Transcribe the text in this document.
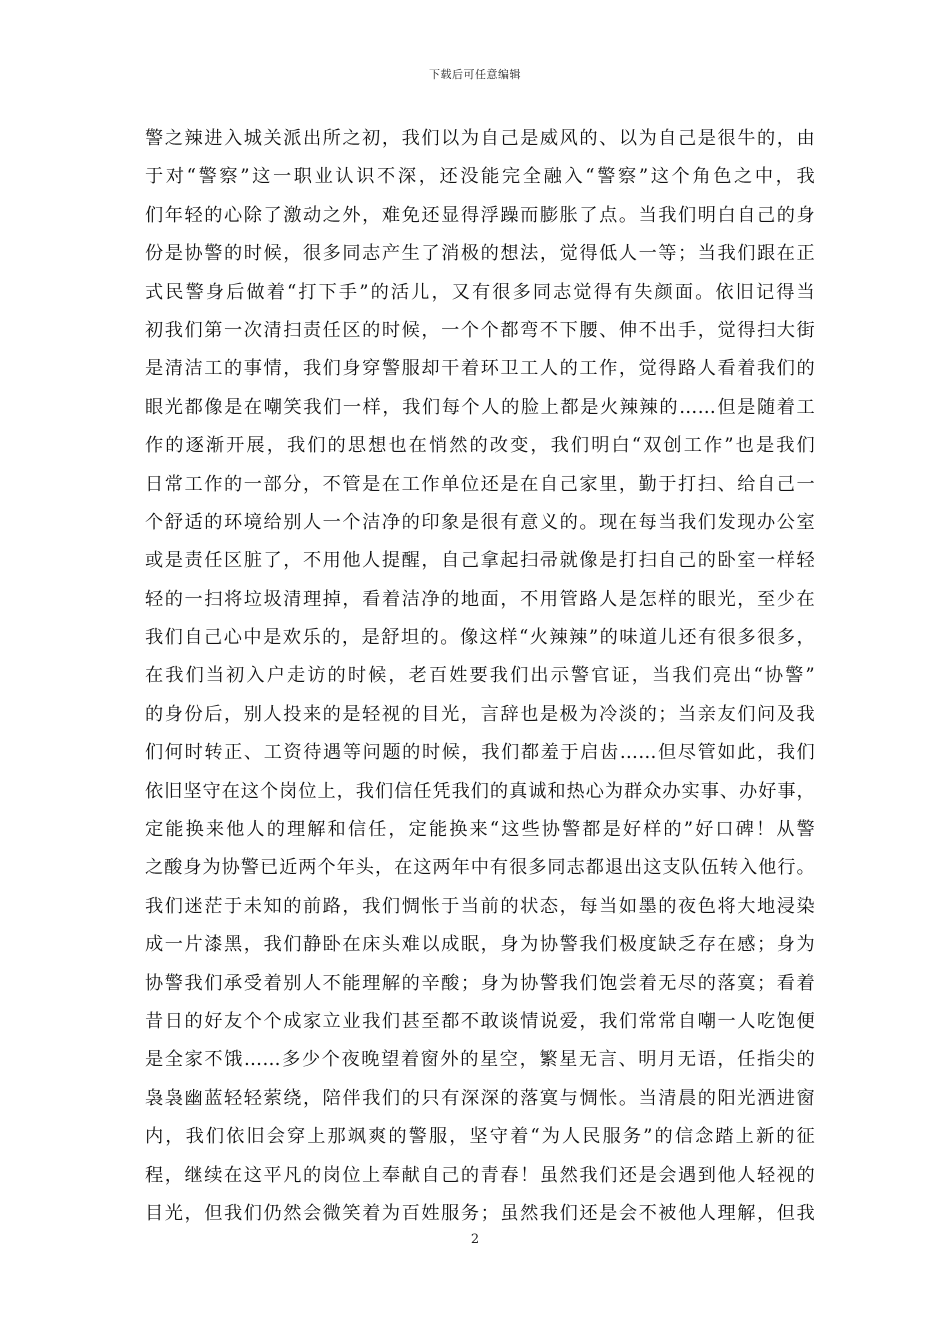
下载后可任意编辑
警之辣进入城关派出所之初，我们以为自己是威风的、以为自己是很牛的，由
于对“警察”这一职业认识不深，还没能完全融入“警察”这个角色之中，我
们年轻的心除了激动之外，难免还显得浮躁而膨胀了点。当我们明白自己的身
份是协警的时候，很多同志产生了消极的想法，觉得低人一等；当我们跟在正
式民警身后做着“打下手”的活儿，又有很多同志觉得有失颜面。依旧记得当
初我们第一次清扫责任区的时候，一个个都弯不下腰、伸不出手，觉得扫大街
是清洁工的事情，我们身穿警服却干着环卫工人的工作，觉得路人看着我们的
眼光都像是在嘲笑我们一样，我们每个人的脸上都是火辣辣的……但是随着工
作的逐渐开展，我们的思想也在悄然的改变，我们明白“双创工作”也是我们
日常工作的一部分，不管是在工作单位还是在自己家里，勤于打扫、给自己一
个舒适的环境给别人一个洁净的印象是很有意义的。现在每当我们发现办公室
或是责任区脏了，不用他人提醒，自己拿起扫帚就像是打扫自己的卧室一样轻
轻的一扫将垃圾清理掉，看着洁净的地面，不用管路人是怎样的眼光，至少在
我们自己心中是欢乐的，是舒坦的。像这样“火辣辣”的味道儿还有很多很多，
在我们当初入户走访的时候，老百姓要我们出示警官证，当我们亮出“协警”
的身份后，别人投来的是轻视的目光，言辞也是极为冷淡的；当亲友们问及我
们何时转正、工资待遇等问题的时候，我们都羞于启齿……但尽管如此，我们
依旧坚守在这个岗位上，我们信任凭我们的真诚和热心为群众办实事、办好事，
定能换来他人的理解和信任，定能换来“这些协警都是好样的”好口碑！从警
之酸身为协警已近两个年头，在这两年中有很多同志都退出这支队伍转入他行。
我们迷茫于未知的前路，我们惆怅于当前的状态，每当如墨的夜色将大地浸染
成一片漆黑，我们静卧在床头难以成眠，身为协警我们极度缺乏存在感；身为
协警我们承受着别人不能理解的辛酸；身为协警我们饱尝着无尽的落寞；看着
昔日的好友个个成家立业我们甚至都不敢谈情说爱，我们常常自嘲一人吃饱便
是全家不饿……多少个夜晚望着窗外的星空，繁星无言、明月无语，任指尖的
袅袅幽蓝轻轻萦绕，陪伴我们的只有深深的落寞与惆怅。当清晨的阳光洒进窗
内，我们依旧会穿上那飒爽的警服，坚守着“为人民服务”的信念踏上新的征
程，继续在这平凡的岗位上奉献自己的青春！虽然我们还是会遇到他人轻视的
目光，但我们仍然会微笑着为百姓服务；虽然我们还是会不被他人理解，但我
2
